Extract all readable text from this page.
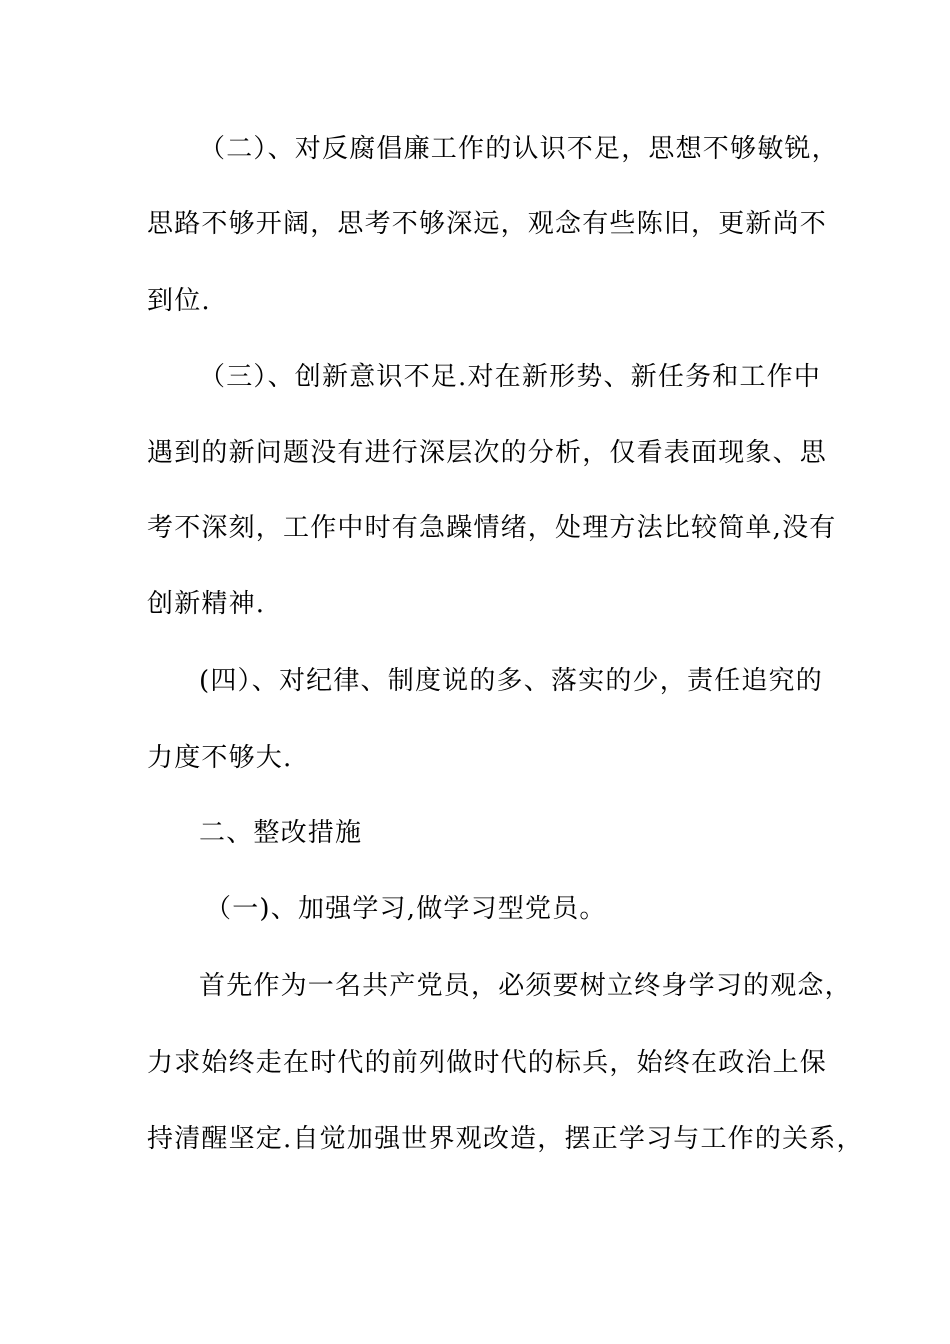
（二）、对反腐倡廉工作的认识不足，思想不够敏锐，
思路不够开阔，思考不够深远，观念有些陈旧，更新尚不
到位.
（三）、创新意识不足.对在新形势、新任务和工作中
遇到的新问题没有进行深层次的分析，仅看表面现象、思
考不深刻，工作中时有急躁情绪，处理方法比较简单,没有
创新精神.
(四）、对纪律、制度说的多、落实的少，责任追究的
力度不够大.
二、整改措施
（一)、加强学习,做学习型党员。
首先作为一名共产党员，必须要树立终身学习的观念，
力求始终走在时代的前列做时代的标兵，始终在政治上保
持清醒坚定.自觉加强世界观改造，摆正学习与工作的关系，
